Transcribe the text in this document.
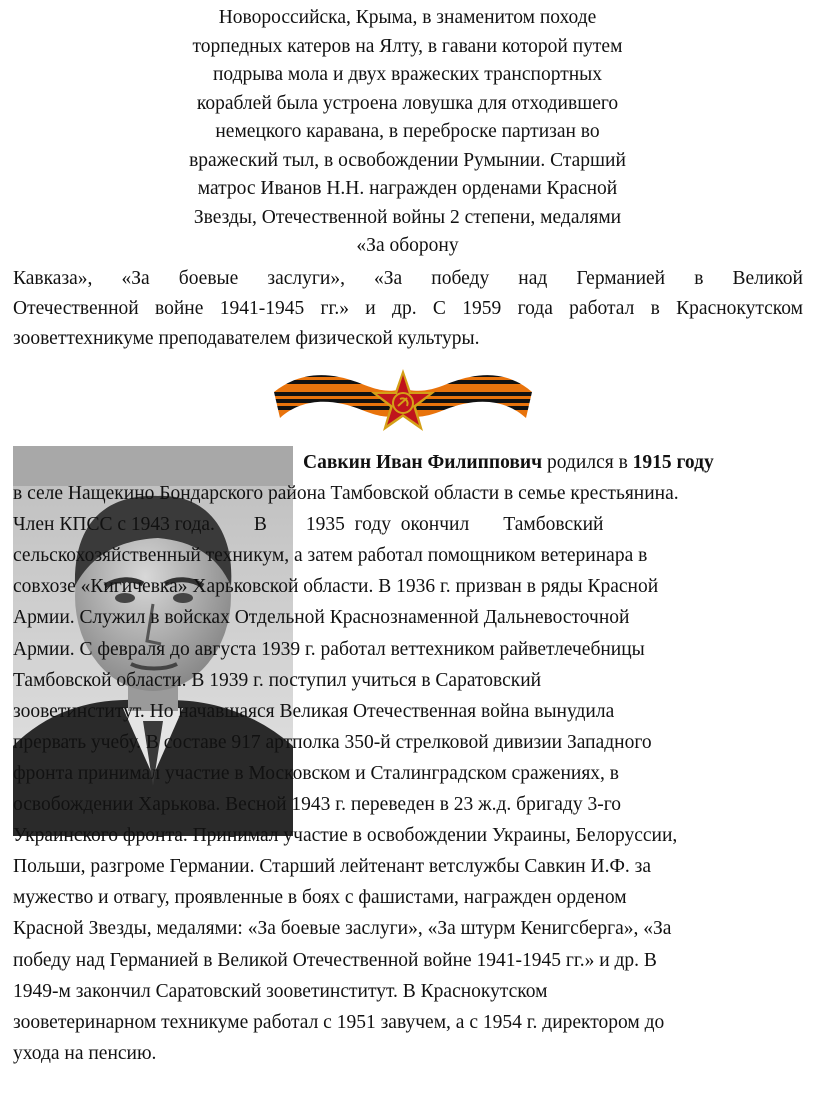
Новороссийска, Крыма, в знаменитом походе
торпедных катеров на Ялту, в гавани которой путем
подрыва мола и двух вражеских транспортных
кораблей была устроена ловушка для отходившего
немецкого каравана, в переброске партизан во
вражеский тыл, в освобождении Румынии. Старший
матрос Иванов Н.Н. награжден орденами Красной
Звезды, Отечественной войны 2 степени, медалями
«За оборону
Кавказа», «За боевые заслуги», «За победу над Германией в Великой
Отечественной войне 1941-1945 гг.» и др. С 1959 года работал в Краснокутском
зооветтехникуме преподавателем физической культуры.
Савкин Иван Филиппович родился в 1915 году
в селе Нащекино Бондарского района Тамбовской области в семье крестьянина.
Член КПСС с 1943 года.        В        1935  году  окончил       Тамбовский
сельскохозяйственный техникум, а затем работал помощником ветеринара в
совхозе «Кигичевка» Харьковской области. В 1936 г. призван в ряды Красной
Армии. Служил в войсках Отдельной Краснознаменной Дальневосточной
Армии. С февраля до августа 1939 г. работал веттехником райветлечебницы
Тамбовской области. В 1939 г. поступил учиться в Саратовский
зооветинститут. Но начавшаяся Великая Отечественная война вынудила
прервать учебу. В составе 917 артполка 350-й стрелковой дивизии Западного
фронта принимал участие в Московском и Сталинградском сражениях, в
освобождении Харькова. Весной 1943 г. переведен в 23 ж.д. бригаду 3-го
Украинского фронта. Принимал участие в освобождении Украины, Белоруссии,
Польши, разгроме Германии. Старший лейтенант ветслужбы Савкин И.Ф. за
мужество и отвагу, проявленные в боях с фашистами, награжден орденом
Красной Звезды, медалями: «За боевые заслуги», «За штурм Кенигсберга», «За
победу над Германией в Великой Отечественной войне 1941-1945 гг.» и др. В
1949-м закончил Саратовский зооветинститут. В Краснокутском
зооветеринарном техникуме работал с 1951 завучем, а с 1954 г. директором до
ухода на пенсию.
